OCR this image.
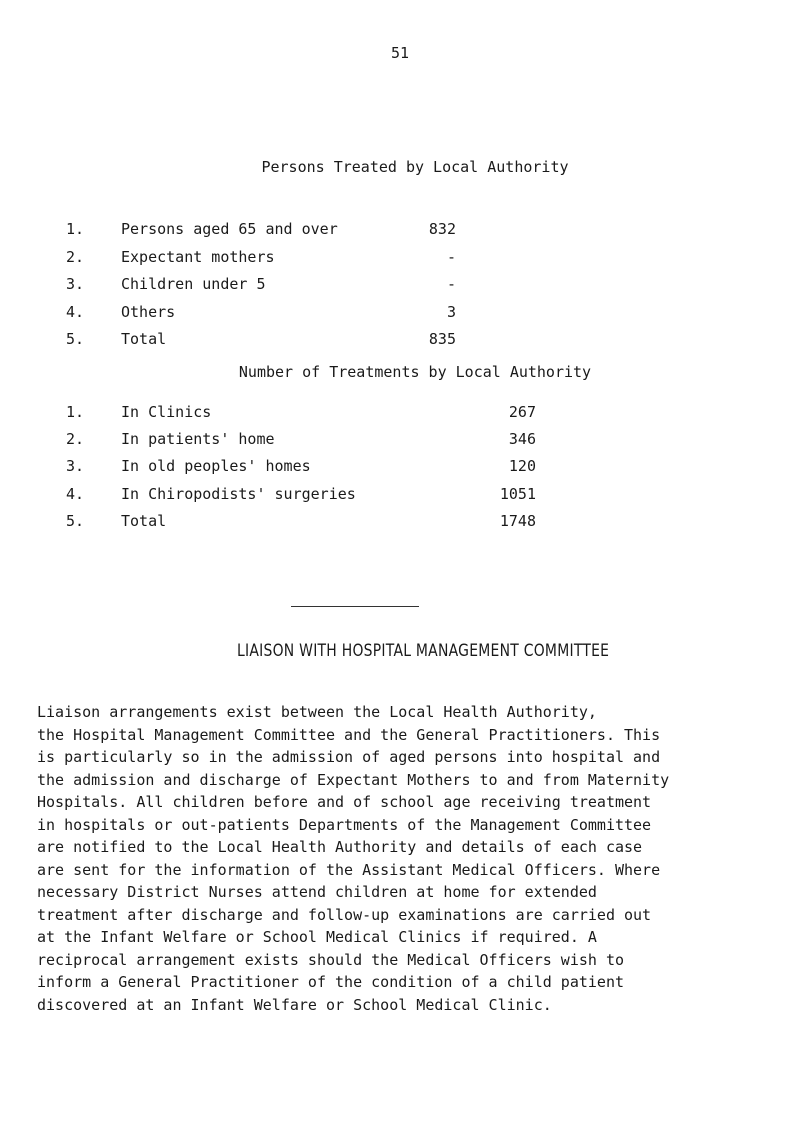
51
Persons Treated by Local Authority
1. Persons aged 65 and over	832
2. Expectant mothers	-
3. Children under 5	-
4. Others	3
5. Total	835
Number of Treatments by Local Authority
1. In Clinics	267
2. In patients' home	346
3. In old peoples' homes	120
4. In Chiropodists' surgeries	1051
5. Total	1748
LIAISON WITH HOSPITAL MANAGEMENT COMMITTEE
Liaison arrangements exist between the Local Health Authority,
the Hospital Management Committee and the General Practitioners. This
is particularly so in the admission of aged persons into hospital and
the admission and discharge of Expectant Mothers to and from Maternity
Hospitals. All children before and of school age receiving treatment
in hospitals or out-patients Departments of the Management Committee
are notified to the Local Health Authority and details of each case
are sent for the information of the Assistant Medical Officers. Where
necessary District Nurses attend children at home for extended
treatment after discharge and follow-up examinations are carried out
at the Infant Welfare or School Medical Clinics if required. A
reciprocal arrangement exists should the Medical Officers wish to
inform a General Practitioner of the condition of a child patient
discovered at an Infant Welfare or School Medical Clinic.
